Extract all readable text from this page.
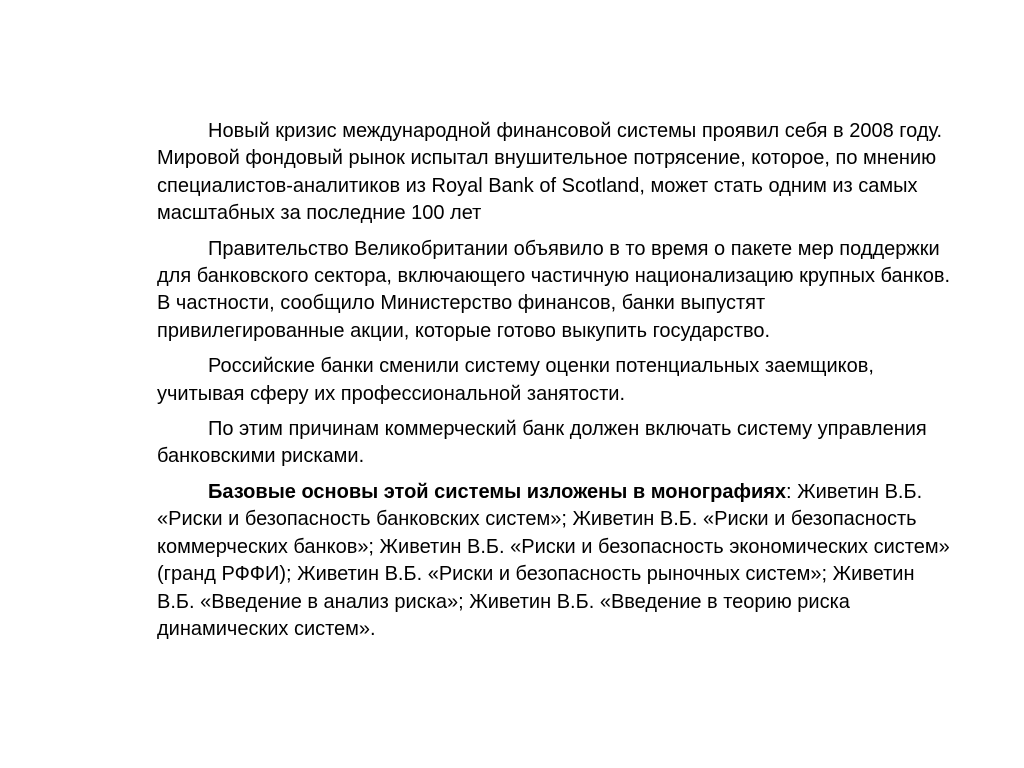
Новый кризис международной финансовой системы проявил себя в 2008 году. Мировой фондовый рынок испытал внушительное потрясение, которое, по мнению специалистов-аналитиков из Royal Bank of Scotland, может стать одним из самых масштабных за последние 100 лет

Правительство Великобритании объявило в то время о пакете мер поддержки для банковского сектора, включающего частичную национализацию крупных банков. В частности, сообщило Министерство финансов, банки выпустят привилегированные акции, которые готово выкупить государство.

Российские банки сменили систему оценки потенциальных заемщиков, учитывая сферу их профессиональной занятости.

По этим причинам коммерческий банк должен включать систему управления банковскими рисками.

Базовые основы этой системы изложены в монографиях: Живетин В.Б. «Риски и безопасность банковских систем»; Живетин В.Б. «Риски и безопасность коммерческих банков»; Живетин В.Б. «Риски и безопасность экономических систем» (гранд РФФИ); Живетин В.Б. «Риски и безопасность рыночных систем»; Живетин В.Б. «Введение в анализ риска»; Живетин В.Б. «Введение в теорию риска динамических систем».
